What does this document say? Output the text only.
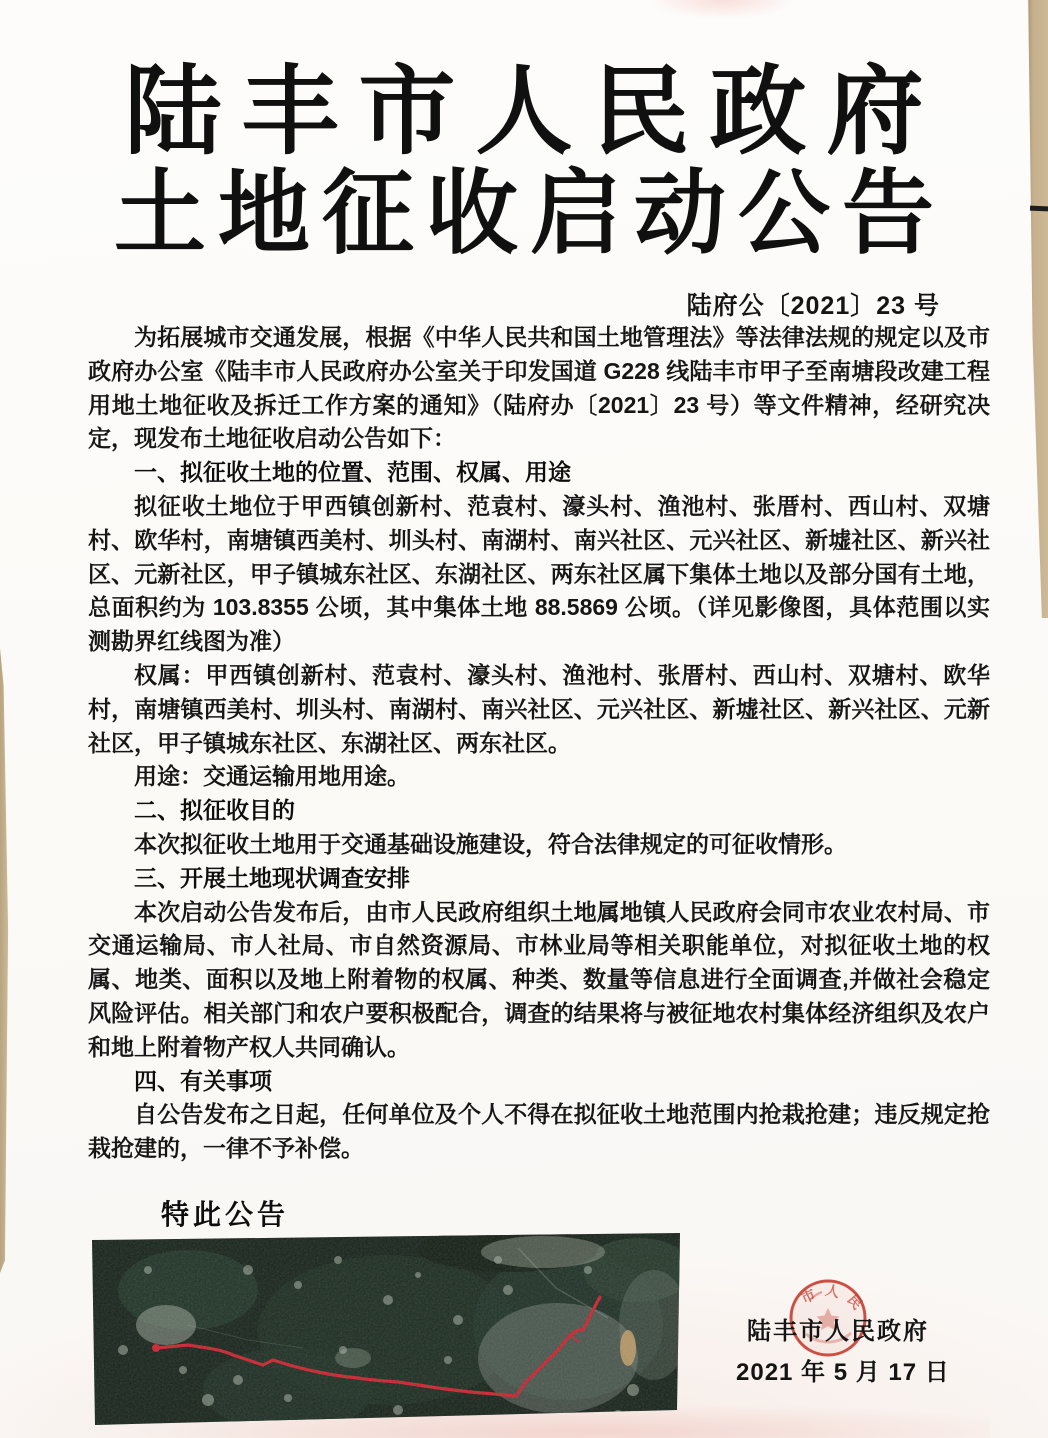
陆丰市人民政府
土地征收启动公告
陆府公〔2021〕23 号
为拓展城市交通发展，根据《中华人民共和国土地管理法》等法律法规的规定以及市政府办公室《陆丰市人民政府办公室关于印发国道 G228 线陆丰市甲子至南塘段改建工程用地土地征收及拆迁工作方案的通知》（陆府办〔2021〕23 号）等文件精神，经研究决定，现发布土地征收启动公告如下：
一、拟征收土地的位置、范围、权属、用途
拟征收土地位于甲西镇创新村、范袁村、濠头村、渔池村、张厝村、西山村、双塘村、欧华村，南塘镇西美村、圳头村、南湖村、南兴社区、元兴社区、新墟社区、新兴社区、元新社区，甲子镇城东社区、东湖社区、两东社区属下集体土地以及部分国有土地，总面积约为 103.8355 公顷，其中集体土地 88.5869 公顷。（详见影像图，具体范围以实测勘界红线图为准）
权属：甲西镇创新村、范袁村、濠头村、渔池村、张厝村、西山村、双塘村、欧华村，南塘镇西美村、圳头村、南湖村、南兴社区、元兴社区、新墟社区、新兴社区、元新社区，甲子镇城东社区、东湖社区、两东社区。
用途：交通运输用地用途。
二、拟征收目的
本次拟征收土地用于交通基础设施建设，符合法律规定的可征收情形。
三、开展土地现状调查安排
本次启动公告发布后，由市人民政府组织土地属地镇人民政府会同市农业农村局、市交通运输局、市人社局、市自然资源局、市林业局等相关职能单位，对拟征收土地的权属、地类、面积以及地上附着物的权属、种类、数量等信息进行全面调查,并做社会稳定风险评估。相关部门和农户要积极配合，调查的结果将与被征地农村集体经济组织及农户和地上附着物产权人共同确认。
四、有关事项
自公告发布之日起，任何单位及个人不得在拟征收土地范围内抢栽抢建；违反规定抢栽抢建的，一律不予补偿。
特此公告
市人民
陆丰市人民政府
2021 年 5 月 17 日
